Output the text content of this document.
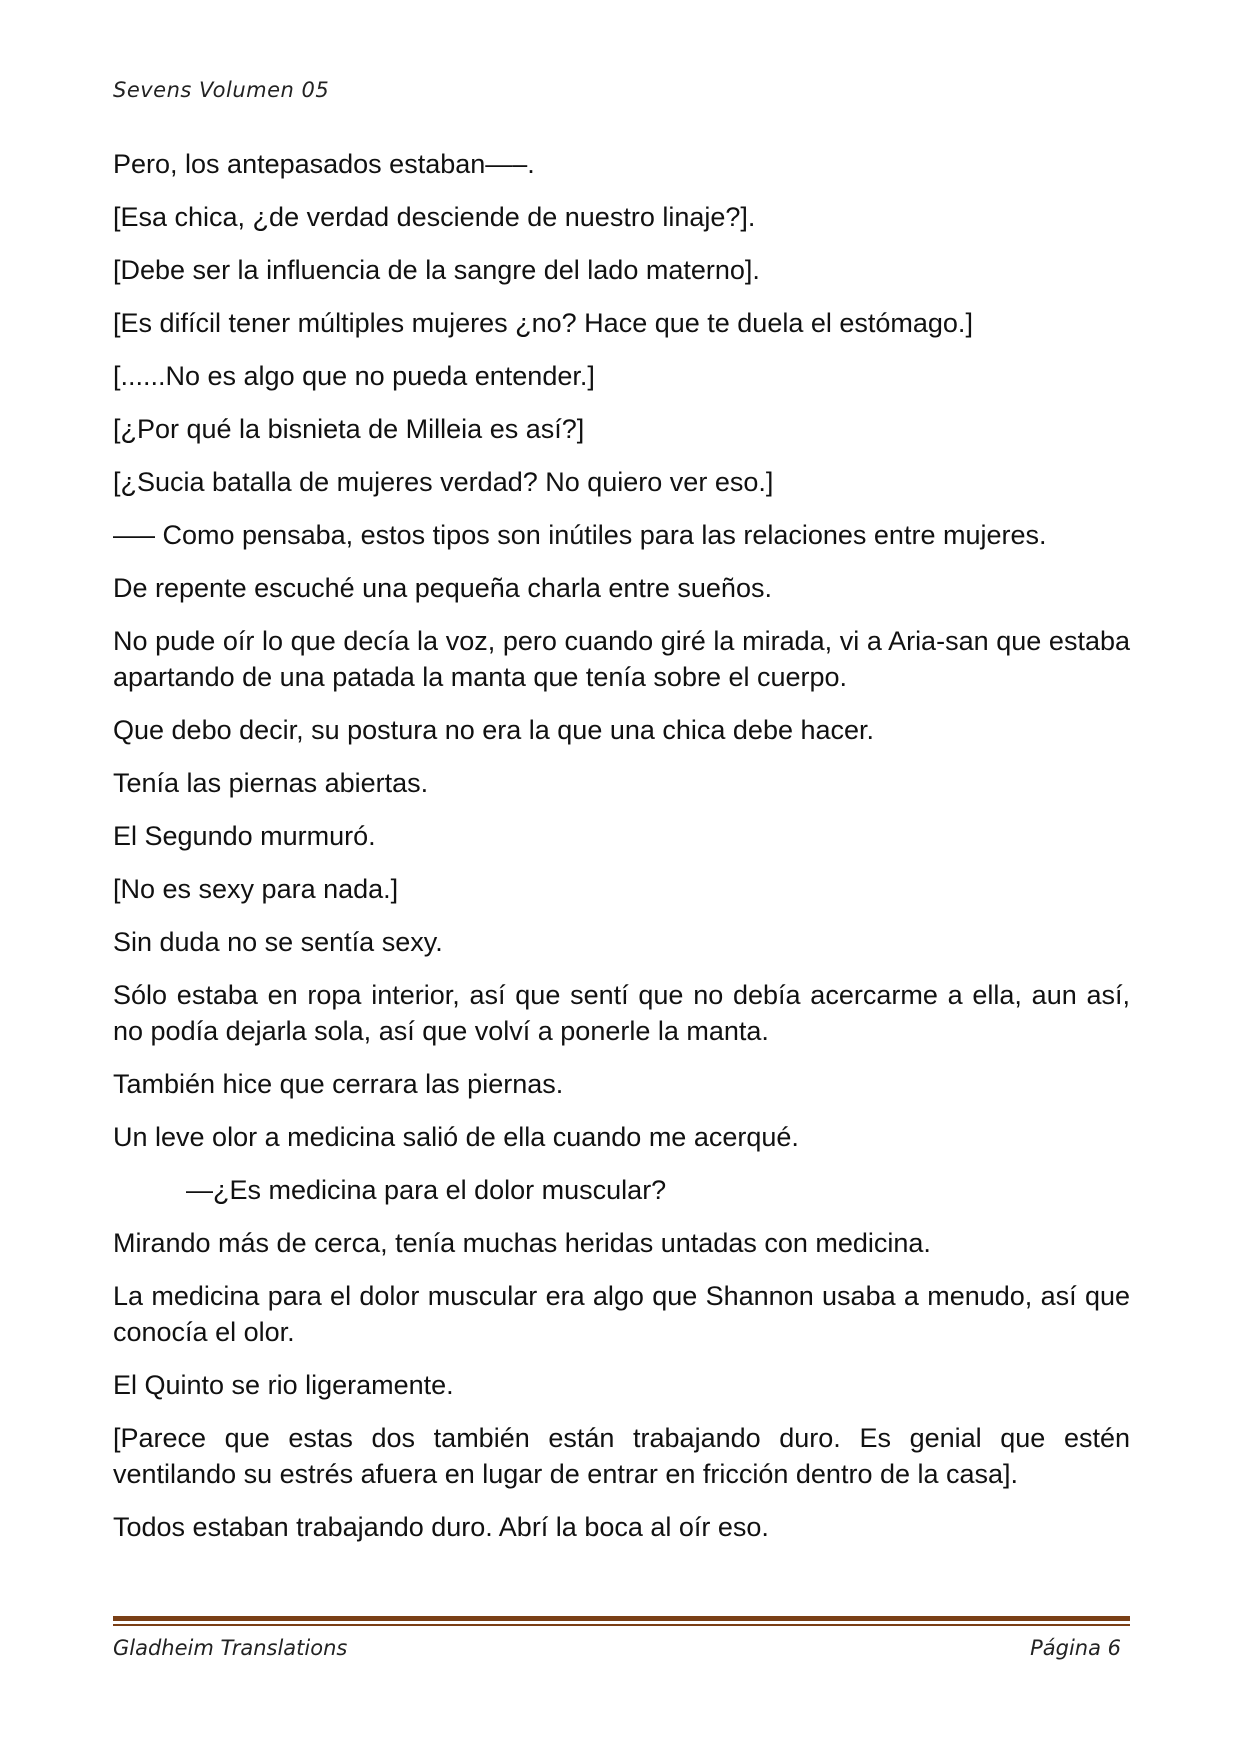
Sevens Volumen 05

Pero, los antepasados estaban—–.

[Esa chica, ¿de verdad desciende de nuestro linaje?].

[Debe ser la influencia de la sangre del lado materno].

[Es difícil tener múltiples mujeres ¿no? Hace que te duela el estómago.]

[......No es algo que no pueda entender.]

[¿Por qué la bisnieta de Milleia es así?]

[¿Sucia batalla de mujeres verdad? No quiero ver eso.]

—– Como pensaba, estos tipos son inútiles para las relaciones entre mujeres.

De repente escuché una pequeña charla entre sueños.

No pude oír lo que decía la voz, pero cuando giré la mirada, vi a Aria-san que estaba apartando de una patada la manta que tenía sobre el cuerpo.

Que debo decir, su postura no era la que una chica debe hacer.

Tenía las piernas abiertas.

El Segundo murmuró.

[No es sexy para nada.]

Sin duda no se sentía sexy.

Sólo estaba en ropa interior, así que sentí que no debía acercarme a ella, aun así, no podía dejarla sola, así que volví a ponerle la manta.

También hice que cerrara las piernas.

Un leve olor a medicina salió de ella cuando me acerqué.

—¿Es medicina para el dolor muscular?

Mirando más de cerca, tenía muchas heridas untadas con medicina.

La medicina para el dolor muscular era algo que Shannon usaba a menudo, así que conocía el olor.

El Quinto se rio ligeramente.

[Parece que estas dos también están trabajando duro. Es genial que estén ventilando su estrés afuera en lugar de entrar en fricción dentro de la casa].

Todos estaban trabajando duro. Abrí la boca al oír eso.

Gladheim Translations	Página 6
